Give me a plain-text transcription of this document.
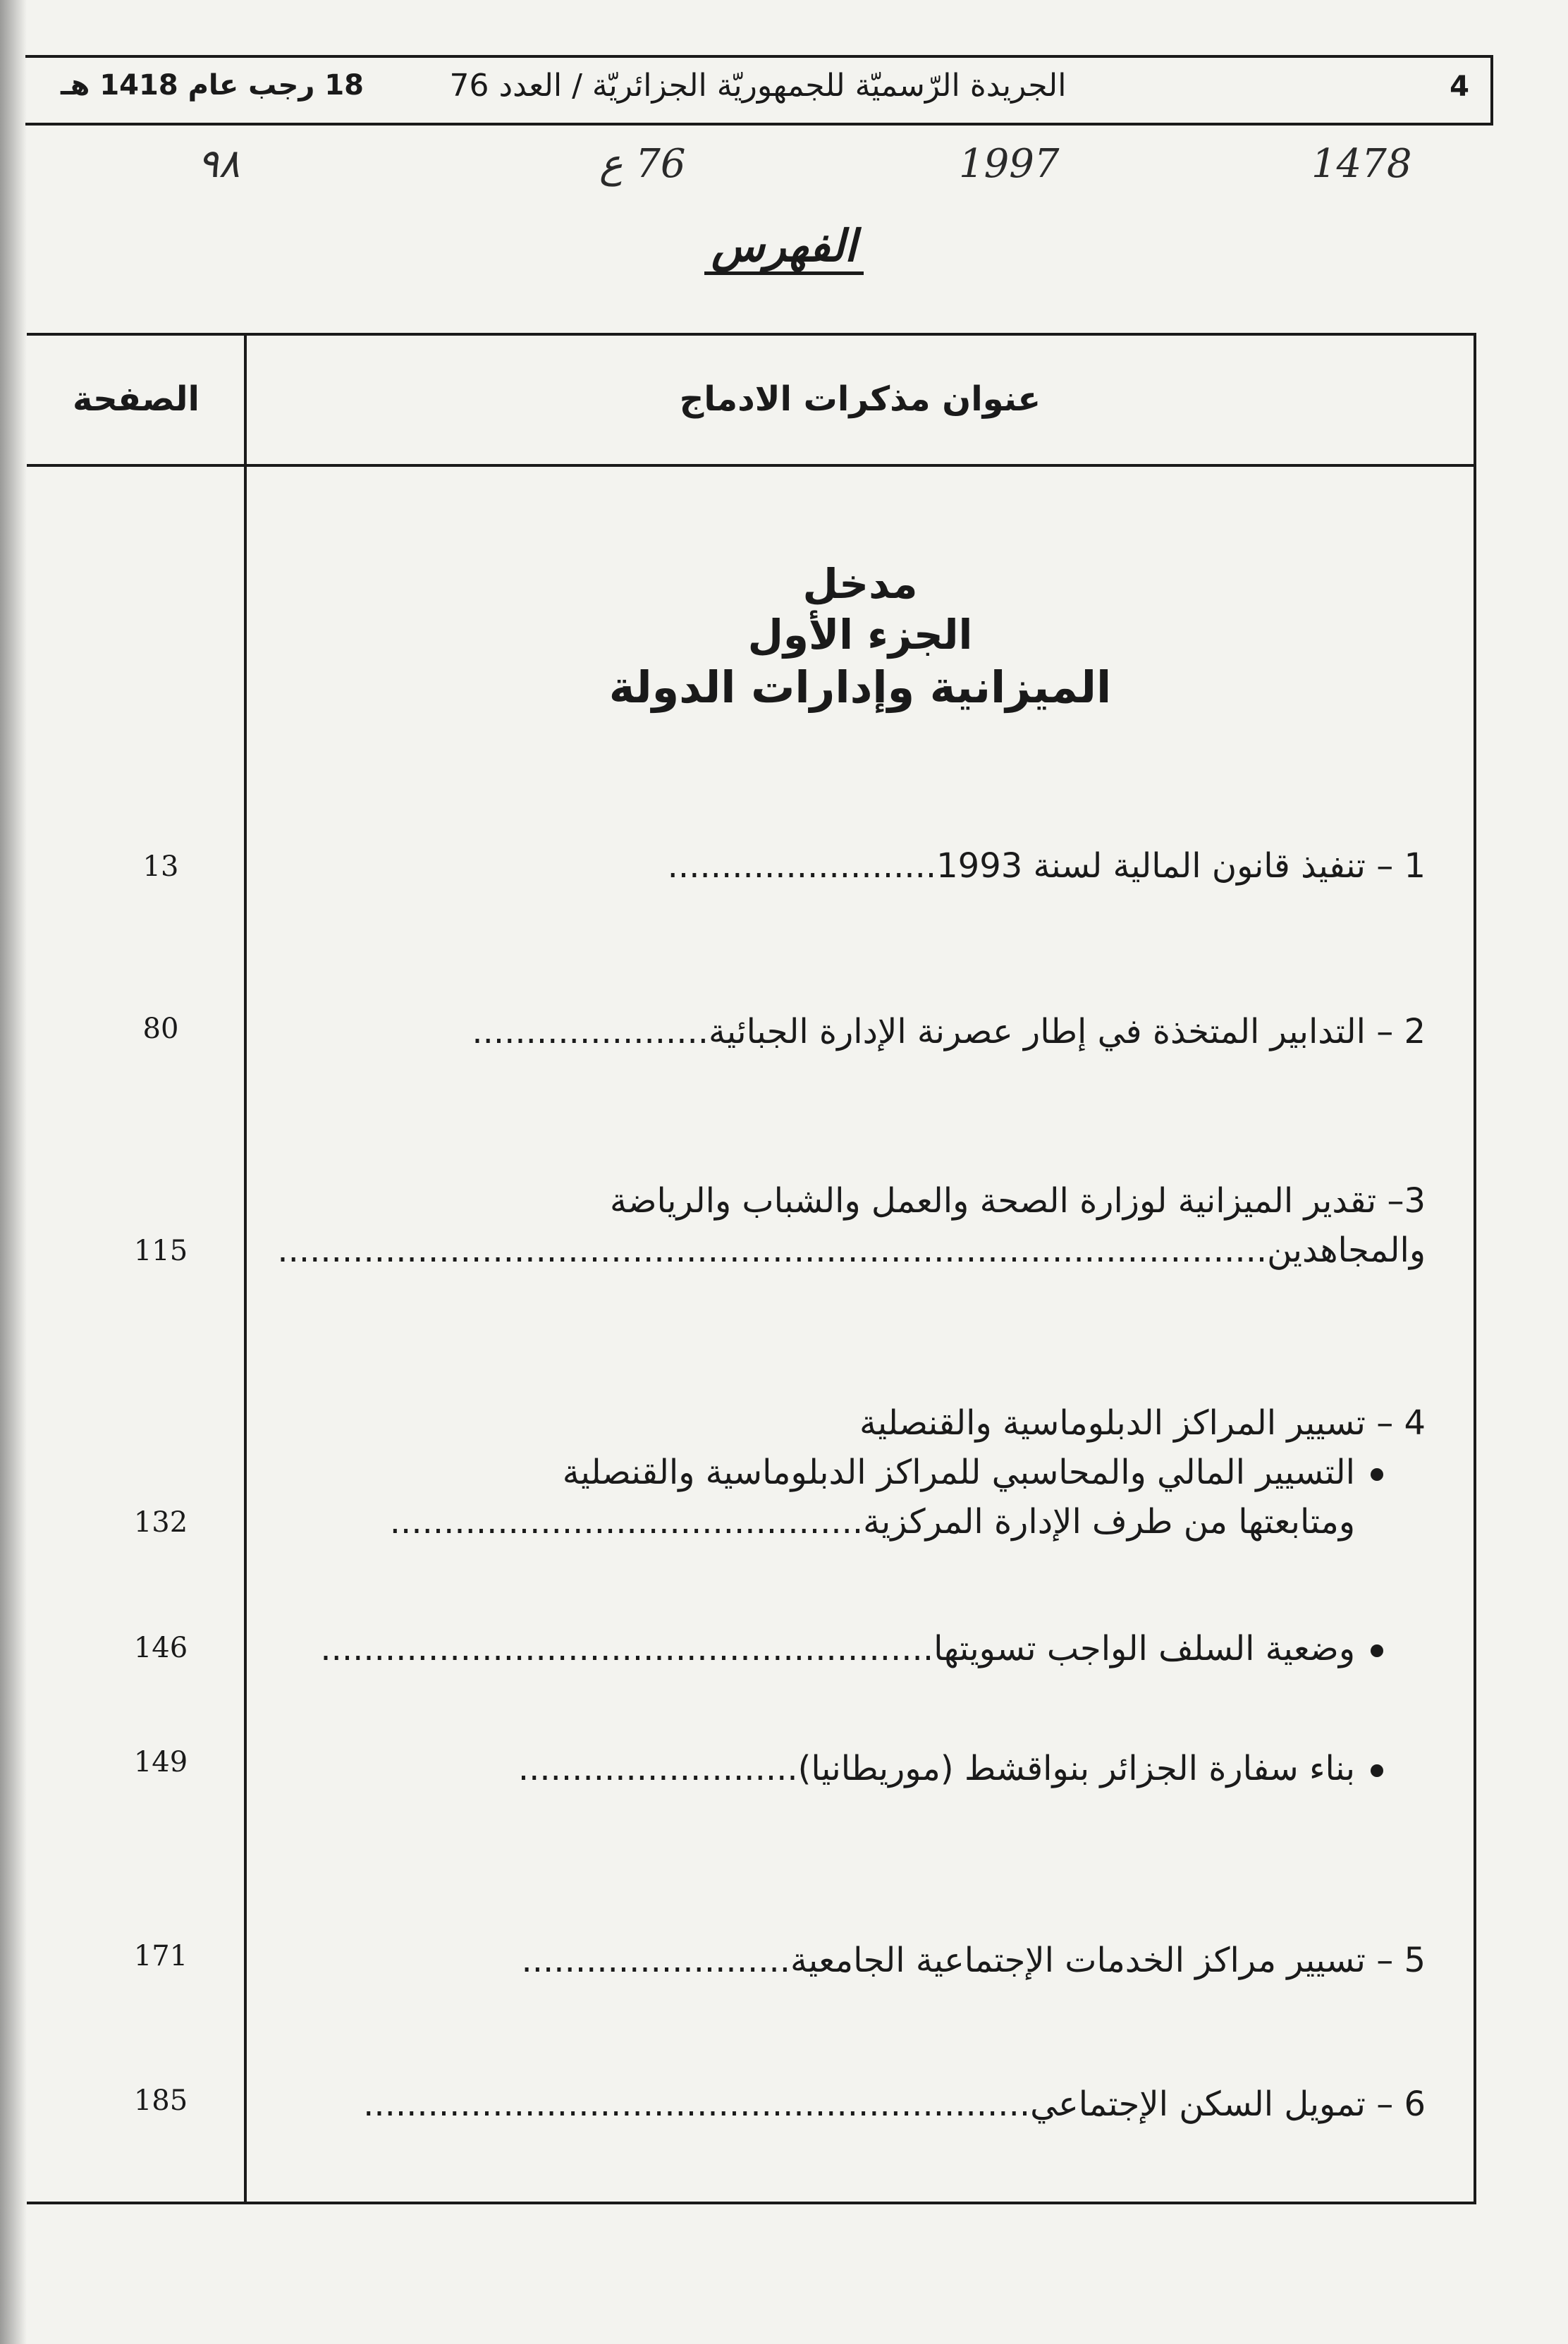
18 رجب عام 1418 هـ	الجريدة الرّسميّة للجمهوريّة الجزائريّة / العدد 76	4
٩٨	76 ع	1997	1478
الفهرس
الصفحة	عنوان مذكرات الادماج
مدخل
الجزء الأول
الميزانية وإدارات الدولة
13	1 – تنفيذ قانون المالية لسنة 1993.........................
80	2 – التدابير المتخذة في إطار عصرنة الإدارة الجبائية......................
3– تقدير الميزانية لوزارة الصحة والعمل والشباب والرياضة
115	والمجاهدين............................................................................................
4 – تسيير المراكز الدبلوماسية والقنصلية
التسيير المالي والمحاسبي للمراكز الدبلوماسية والقنصلية
132	ومتابعتها من طرف الإدارة المركزية............................................
146	وضعية السلف الواجب تسويتها.........................................................
149	بناء سفارة الجزائر بنواقشط (موريطانيا)..........................
171	5 – تسيير مراكز الخدمات الإجتماعية الجامعية.........................
185	6 – تمويل السكن الإجتماعي..............................................................
